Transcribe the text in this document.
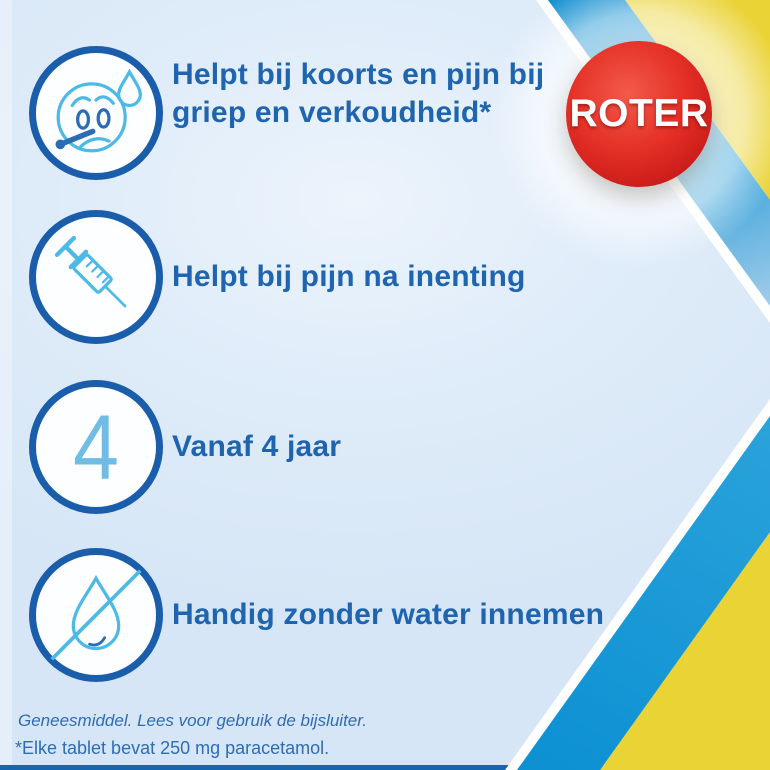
ROTER
Helpt bij koorts en pijn bij
griep en verkoudheid*
Helpt bij pijn na inenting
4	Vanaf 4 jaar
Handig zonder water innemen
Geneesmiddel. Lees voor gebruik de bijsluiter.
*Elke tablet bevat 250 mg paracetamol.
